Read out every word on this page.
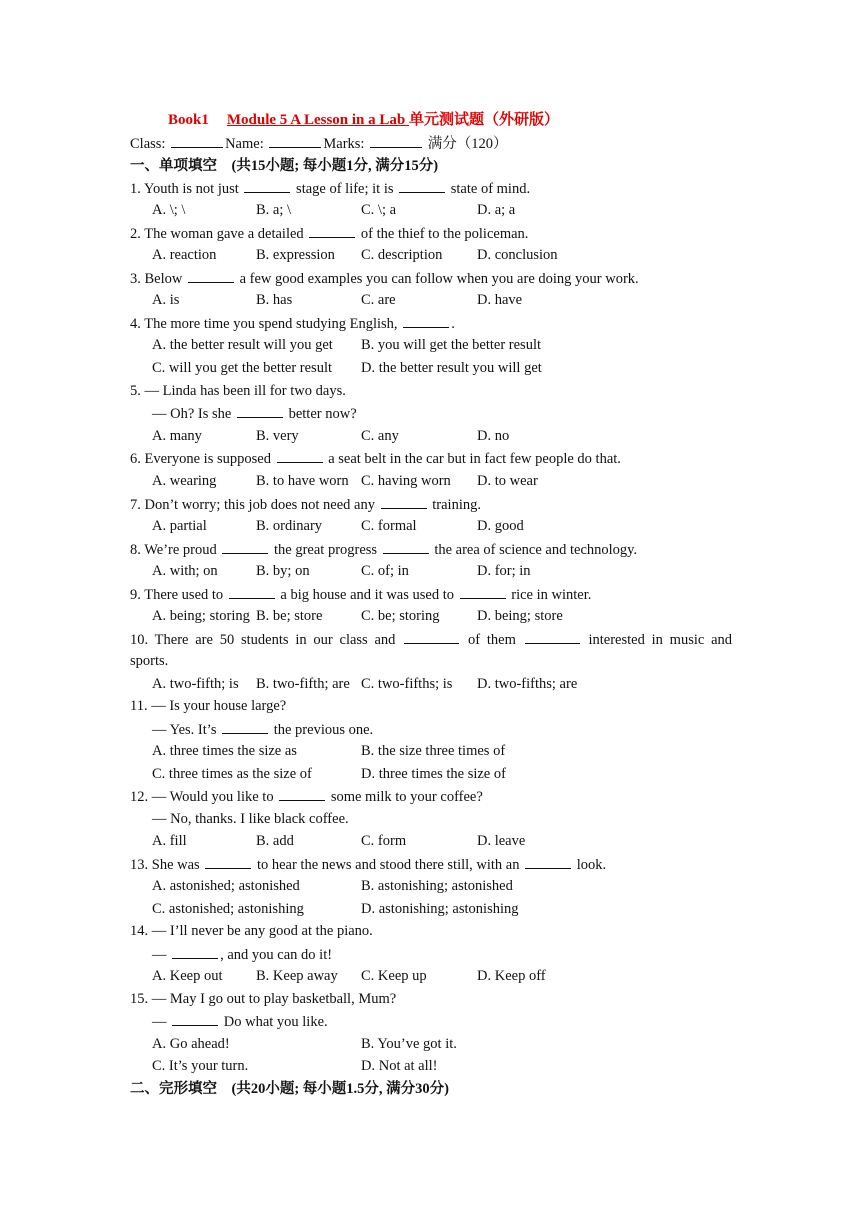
Book1 Module 5 A Lesson in a Lab 单元测试题（外研版）
Class:	Name:	Marks:	满分（120）
一、单项填空 (共15小题; 每小题1分, 满分15分)
1. Youth is not just	stage of life; it is	state of mind.
A. \; \	B. a; \	C. \; a	D. a; a
2. The woman gave a detailed	of the thief to the policeman.
A. reaction	B. expression C. description D. conclusion
3. Below	a few good examples you can follow when you are doing your work.
A. is	B. has	C. are	D. have
4. The more time you spend studying English,	.
A. the better result will you get B. you will get the better result
C. will you get the better result D. the better result you will get
5. — Linda has been ill for two days.
— Oh? Is she	better now?
A. many	B. very	C. any	D. no
6. Everyone is supposed	a seat belt in the car but in fact few people do that.
A. wearing	B. to have worn C. having worn D. to wear
7. Don’t worry; this job does not need any	training.
A. partial	B. ordinary	C. formal	D. good
8. We’re proud	the great progress	the area of science and technology.
A. with; on	B. by; on	C. of; in	D. for; in
9. There used to	a big house and it was used to	rice in winter.
A. being; storing B. be; store	C. be; storing	D. being; store
10. There are 50 students in our class and	of them	interested in music and
sports.
A. two-fifth; is B. two-fifth; are C. two-fifths; is D. two-fifths; are
11. — Is your house large?
— Yes. It’s	the previous one.
A. three times the size as	B. the size three times of
C. three times as the size of	D. three times the size of
12. — Would you like to	some milk to your coffee?
— No, thanks. I like black coffee.
A. fill	B. add	C. form	D. leave
13. She was	to hear the news and stood there still, with an	look.
A. astonished; astonished	B. astonishing; astonished
C. astonished; astonishing	D. astonishing; astonishing
14. — I’ll never be any good at the piano.
—	, and you can do it!
A. Keep out B. Keep away C. Keep up	D. Keep off
15. — May I go out to play basketball, Mum?
—	Do what you like.
A. Go ahead!	B. You’ve got it.
C. It’s your turn.	D. Not at all!
二、完形填空 (共20小题; 每小题1.5分, 满分30分)
